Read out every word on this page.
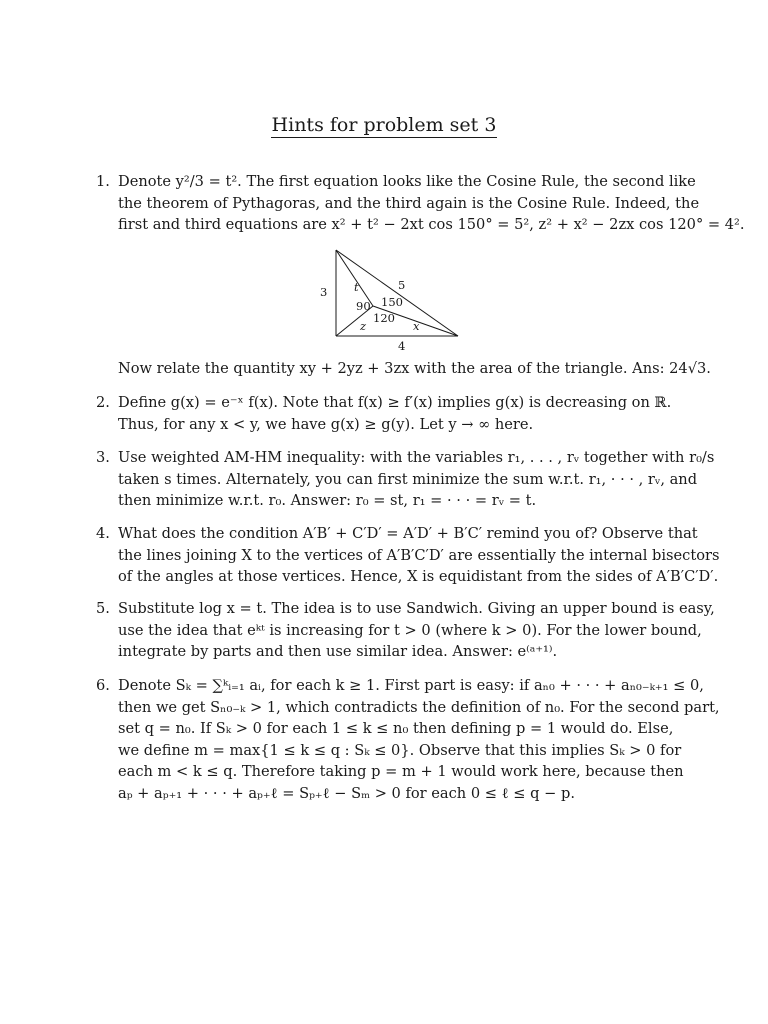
Hints for problem set 3
1. Denote y²/3 = t². The first equation looks like the Cosine Rule, the second like
the theorem of Pythagoras, and the third again is the Cosine Rule. Indeed, the
first and third equations are x² + t² − 2xt cos 150° = 5², z² + x² − 2zx cos 120° = 4².
3
4
5
t
z	x
90 150
120
Now relate the quantity xy + 2yz + 3zx with the area of the triangle. Ans: 24√3.
2. Define g(x) = e⁻ˣ f(x). Note that f(x) ≥ f′(x) implies g(x) is decreasing on ℝ.
Thus, for any x < y, we have g(x) ≥ g(y). Let y → ∞ here.
3. Use weighted AM-HM inequality: with the variables r₁, . . . , rᵥ together with r₀/s
taken s times. Alternately, you can first minimize the sum w.r.t. r₁, · · · , rᵥ, and
then minimize w.r.t. r₀. Answer: r₀ = st, r₁ = · · · = rᵥ = t.
4. What does the condition A′B′ + C′D′ = A′D′ + B′C′ remind you of? Observe that
the lines joining X to the vertices of A′B′C′D′ are essentially the internal bisectors
of the angles at those vertices. Hence, X is equidistant from the sides of A′B′C′D′.
5. Substitute log x = t. The idea is to use Sandwich. Giving an upper bound is easy,
use the idea that eᵏᵗ is increasing for t > 0 (where k > 0). For the lower bound,
integrate by parts and then use similar idea. Answer: e⁽ᵃ⁺¹⁾.
6. Denote Sₖ = ∑ᵏᵢ₌₁ aᵢ, for each k ≥ 1. First part is easy: if aₙ₀ + · · · + aₙ₀₋ₖ₊₁ ≤ 0,
then we get Sₙ₀₋ₖ > 1, which contradicts the definition of n₀. For the second part,
set q = n₀. If Sₖ > 0 for each 1 ≤ k ≤ n₀ then defining p = 1 would do. Else,
we define m = max{1 ≤ k ≤ q : Sₖ ≤ 0}. Observe that this implies Sₖ > 0 for
each m < k ≤ q. Therefore taking p = m + 1 would work here, because then
aₚ + aₚ₊₁ + · · · + aₚ₊ℓ = Sₚ₊ℓ − Sₘ > 0 for each 0 ≤ ℓ ≤ q − p.
